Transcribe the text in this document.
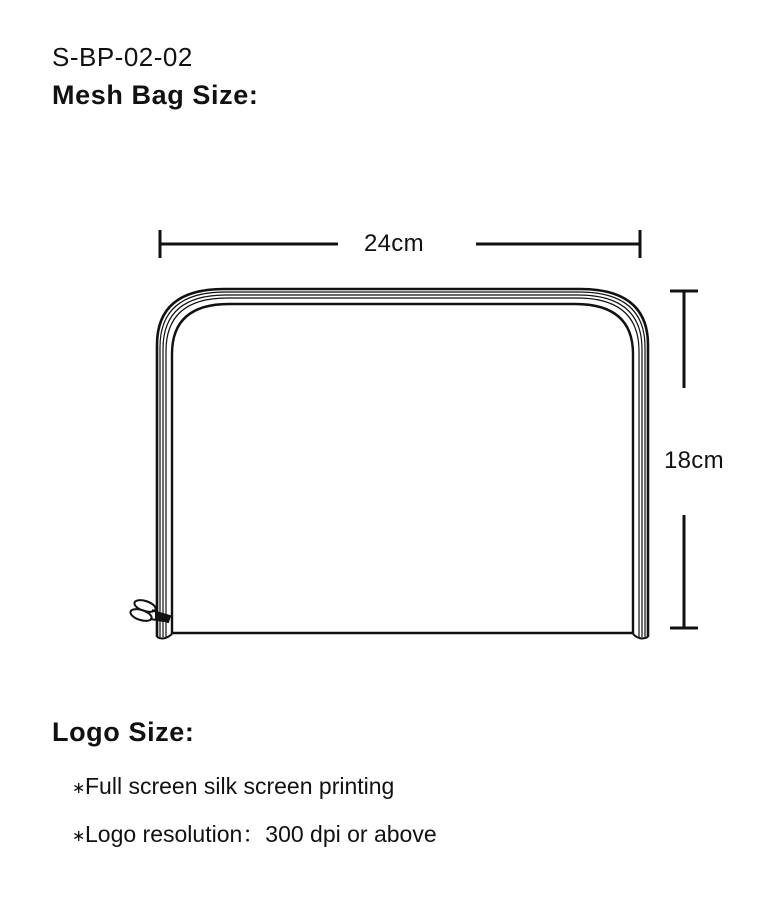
S-BP-02-02
Mesh Bag Size:
24cm
18cm
Logo Size:
∗ Full screen silk screen printing
∗ Logo resolution：300 dpi or above
